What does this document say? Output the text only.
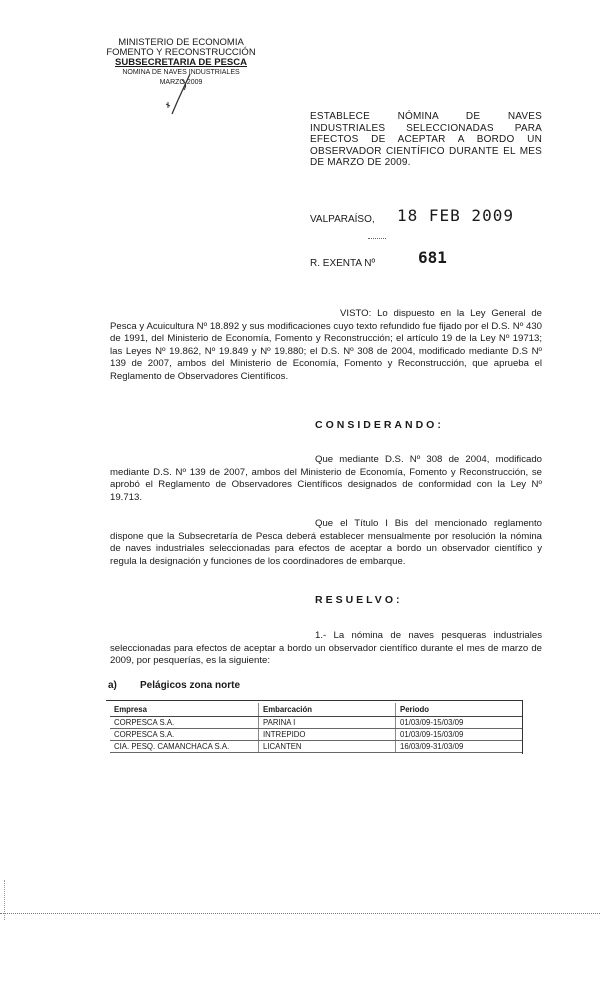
MINISTERIO DE ECONOMIA
FOMENTO Y RECONSTRUCCIÓN
SUBSECRETARIA DE PESCA
NOMINA DE NAVES INDUSTRIALES
MARZO 2009
ESTABLECE NÓMINA DE NAVES INDUSTRIALES SELECCIONADAS PARA EFECTOS DE ACEPTAR A BORDO UN OBSERVADOR CIENTÍFICO DURANTE EL MES DE MARZO DE 2009.
VALPARAÍSO, 18 FEB 2009
R. EXENTA Nº	681
VISTO: Lo dispuesto en la Ley General de Pesca y Acuicultura Nº 18.892 y sus modificaciones cuyo texto refundido fue fijado por el D.S. Nº 430 de 1991, del Ministerio de Economía, Fomento y Reconstrucción; el artículo 19 de la Ley Nº 19713; las Leyes Nº 19.862, Nº 19.849 y Nº 19.880; el D.S. Nº 308 de 2004, modificado mediante D.S Nº 139 de 2007, ambos del Ministerio de Economía, Fomento y Reconstrucción, que aprueba el Reglamento de Observadores Científicos.
CONSIDERANDO:
Que mediante D.S. Nº 308 de 2004, modificado mediante D.S. Nº 139 de 2007, ambos del Ministerio de Economía, Fomento y Reconstrucción, se aprobó el Reglamento de Observadores Científicos designados de conformidad con la Ley Nº 19.713.
Que el Título I Bis del mencionado reglamento dispone que la Subsecretaría de Pesca deberá establecer mensualmente por resolución la nómina de naves industriales seleccionadas para efectos de aceptar a bordo un observador científico y regula la designación y funciones de los coordinadores de embarque.
RESUELVO:
1.- La nómina de naves pesqueras industriales seleccionadas para efectos de aceptar a bordo un observador científico durante el mes de marzo de 2009, por pesquerías, es la siguiente:
a) Pelágicos zona norte
Empresa	Embarcación	Periodo
CORPESCA S.A.	PARINA I	01/03/09-15/03/09
CORPESCA S.A.	INTREPIDO	01/03/09-15/03/09
CIA. PESQ. CAMANCHACA S.A.	LICANTEN	16/03/09-31/03/09
